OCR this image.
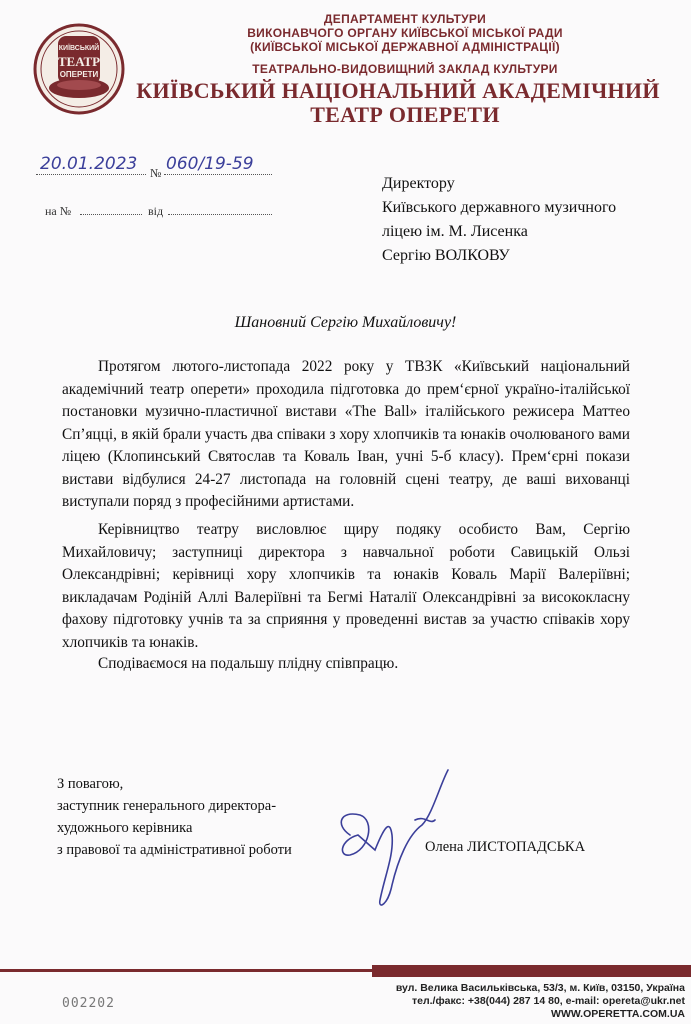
КИЇВСЬКИЙ
ТЕАТР
ОПЕРЕТИ
ДЕПАРТАМЕНТ КУЛЬТУРИ
ВИКОНАВЧОГО ОРГАНУ КИЇВСЬКОЇ МІСЬКОЇ РАДИ
(КИЇВСЬКОЇ МІСЬКОЇ ДЕРЖАВНОЇ АДМІНІСТРАЦІЇ)
ТЕАТРАЛЬНО-ВИДОВИЩНИЙ ЗАКЛАД КУЛЬТУРИ
КИЇВСЬКИЙ НАЦІОНАЛЬНИЙ АКАДЕМІЧНИЙ
ТЕАТР ОПЕРЕТИ
20.01.2023 № 060/19-59
на №	від
Директору
Київського державного музичного
ліцею ім. М. Лисенка
Сергію ВОЛКОВУ
Шановний Сергію Михайловичу!

Протягом лютого-листопада 2022 року у ТВЗК «Київський національний академічний театр оперети» проходила підготовка до прем‘єрної україно-італійської постановки музично-пластичної вистави «The Ball» італійського режисера Маттео Сп’яцці, в якій брали участь два співаки з хору хлопчиків та юнаків очолюваного вами ліцею (Клопинський Святослав та Коваль Іван, учні 5-б класу). Прем‘єрні покази вистави відбулися 24-27 листопада на головній сцені театру, де ваші вихованці виступали поряд з професійними артистами.

Керівництво театру висловлює щиру подяку особисто Вам, Сергію Михайловичу; заступниці директора з навчальної роботи Савицькій Ользі Олександрівні; керівниці хору хлопчиків та юнаків Коваль Марії Валеріївні; викладачам Родіній Аллі Валеріївні та Бегмі Наталії Олександрівні за висококласну фахову підготовку учнів та за сприяння у проведенні вистав за участю співаків хору хлопчиків та юнаків.

Сподіваємося на подальшу плідну співпрацю.

З повагою,
заступник генерального директора-
художнього керівника
з правової та адміністративної роботи	Олена ЛИСТОПАДСЬКА
вул. Велика Васильківська, 53/3, м. Київ, 03150, Україна
тел./факс: +38(044) 287 14 80, e-mail: opereta@ukr.net
WWW.OPERETTA.COM.UA
002202
